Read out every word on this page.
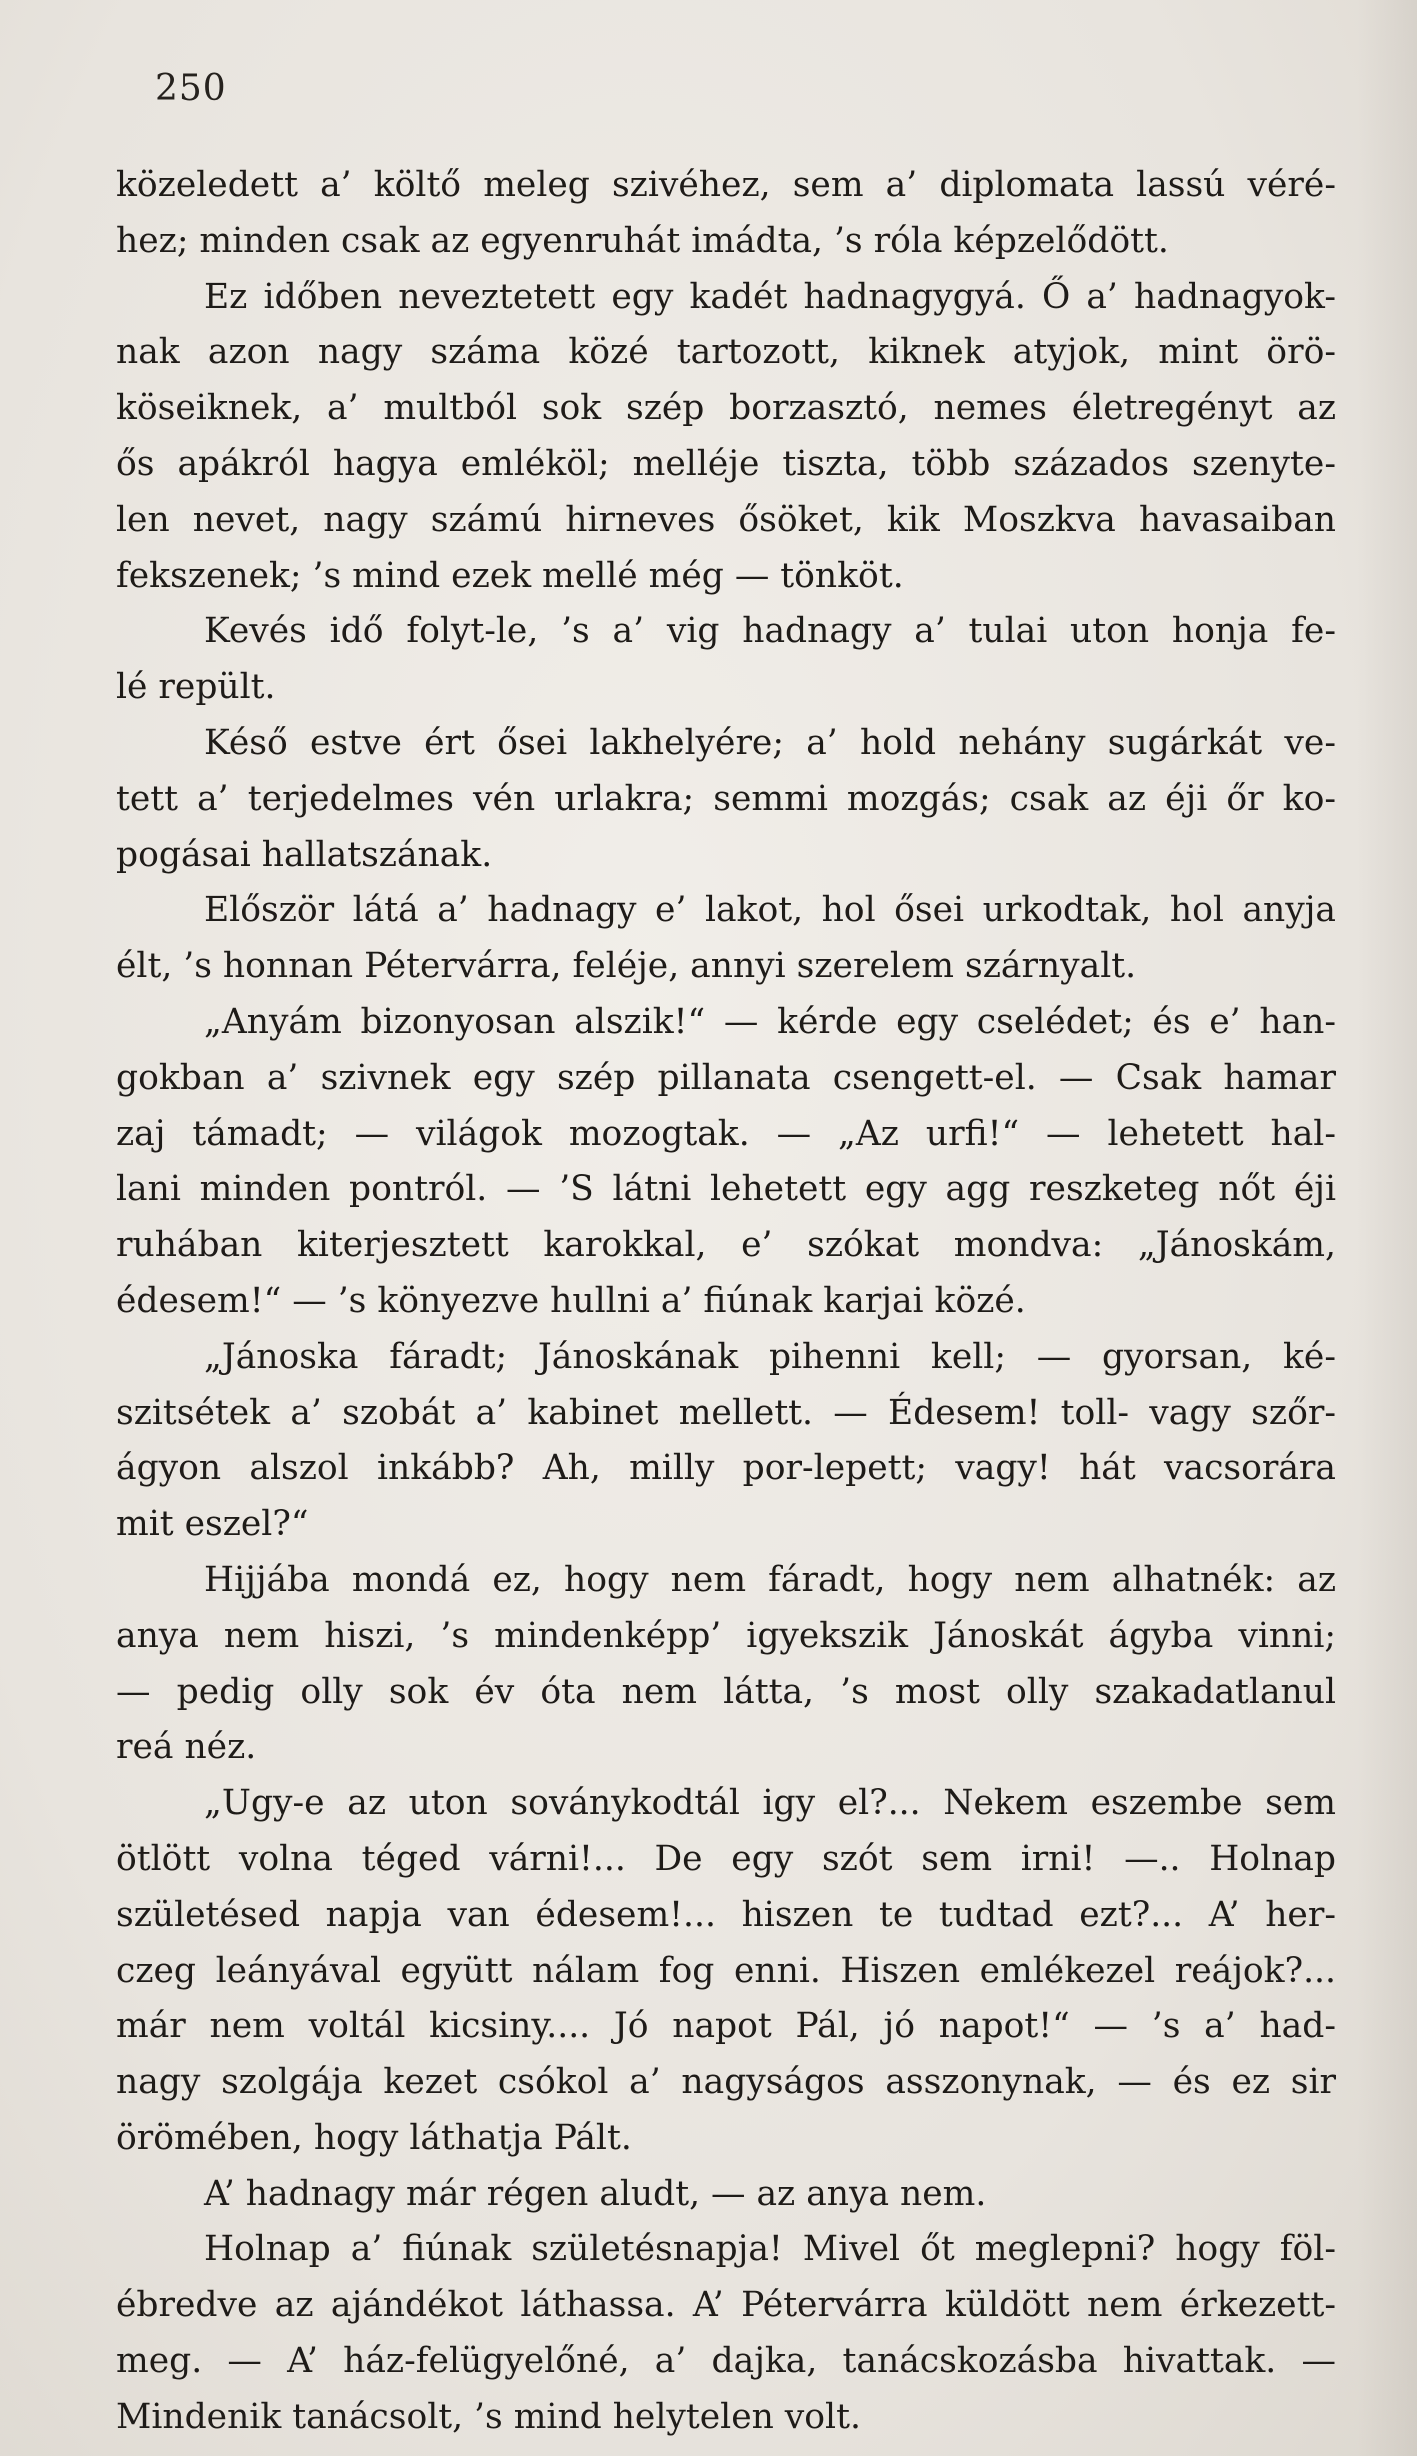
250
közeledett a’ költő meleg szivéhez, sem a’ diplomata lassú véré-
hez; minden csak az egyenruhát imádta, ’s róla képzelődött.
Ez időben neveztetett egy kadét hadnagygyá. Ő a’ hadnagyok-
nak azon nagy száma közé tartozott, kiknek atyjok, mint örö-
köseiknek, a’ multból sok szép borzasztó, nemes életregényt az
ős apákról hagya emléköl; melléje tiszta, több százados szenyte-
len nevet, nagy számú hirneves ősöket, kik Moszkva havasaiban
fekszenek; ’s mind ezek mellé még — tönköt.
Kevés idő folyt-le, ’s a’ vig hadnagy a’ tulai uton honja fe-
lé repült.
Késő estve ért ősei lakhelyére; a’ hold nehány sugárkát ve-
tett a’ terjedelmes vén urlakra; semmi mozgás; csak az éji őr ko-
pogásai hallatszának.
Először látá a’ hadnagy e’ lakot, hol ősei urkodtak, hol anyja
élt, ’s honnan Pétervárra, feléje, annyi szerelem szárnyalt.
„Anyám bizonyosan alszik!“ — kérde egy cselédet; és e’ han-
gokban a’ szivnek egy szép pillanata csengett-el. — Csak hamar
zaj támadt; — világok mozogtak. — „Az urfi!“ — lehetett hal-
lani minden pontról. — ’S látni lehetett egy agg reszketeg nőt éji
ruhában kiterjesztett karokkal, e’ szókat mondva: „Jánoskám,
édesem!“ — ’s könyezve hullni a’ fiúnak karjai közé.
„Jánoska fáradt; Jánoskának pihenni kell; — gyorsan, ké-
szitsétek a’ szobát a’ kabinet mellett. — Édesem! toll- vagy szőr-
ágyon alszol inkább? Ah, milly por-lepett; vagy! hát vacsorára
mit eszel?“
Hijjába mondá ez, hogy nem fáradt, hogy nem alhatnék: az
anya nem hiszi, ’s mindenképp’ igyekszik Jánoskát ágyba vinni;
— pedig olly sok év óta nem látta, ’s most olly szakadatlanul
reá néz.
„Ugy-e az uton soványkodtál igy el?... Nekem eszembe sem
ötlött volna téged várni!... De egy szót sem irni! —.. Holnap
születésed napja van édesem!... hiszen te tudtad ezt?... A’ her-
czeg leányával együtt nálam fog enni. Hiszen emlékezel reájok?...
már nem voltál kicsiny.... Jó napot Pál, jó napot!“ — ’s a’ had-
nagy szolgája kezet csókol a’ nagyságos asszonynak, — és ez sir
örömében, hogy láthatja Pált.
A’ hadnagy már régen aludt, — az anya nem.
Holnap a’ fiúnak születésnapja! Mivel őt meglepni? hogy föl-
ébredve az ajándékot láthassa. A’ Pétervárra küldött nem érkezett-
meg. — A’ ház-felügyelőné, a’ dajka, tanácskozásba hivattak. —
Mindenik tanácsolt, ’s mind helytelen volt.
